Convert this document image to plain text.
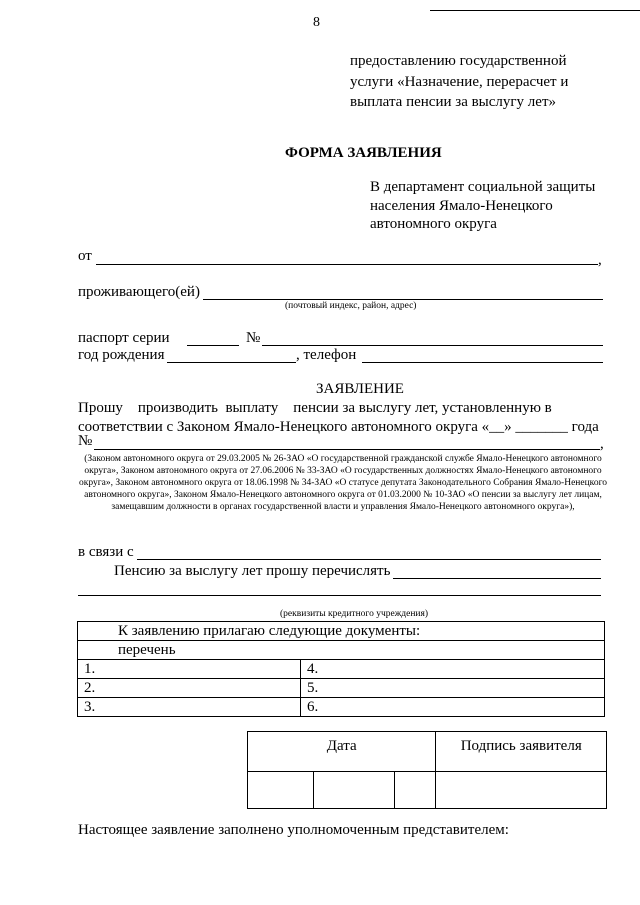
8
предоставлению государственной
услуги «Назначение, перерасчет и
выплата пенсии за выслугу лет»
ФОРМА ЗАЯВЛЕНИЯ
В департамент социальной защиты
населения Ямало-Ненецкого
автономного округа
от	,
проживающего(ей)
(почтовый индекс, район, адрес)
паспорт серии	№
год рождения	, телефон
ЗАЯВЛЕНИЕ
Прошу    производить  выплату    пенсии за выслугу лет, установленную в
соответствии с Законом Ямало-Ненецкого автономного округа «__» _______ года
№	,
(Законом автономного округа от 29.03.2005 № 26-ЗАО «О государственной гражданской службе Ямало-Ненецкого автономного округа», Законом автономного округа от 27.06.2006 № 33-ЗАО «О государственных должностях Ямало-Ненецкого автономного округа», Законом автономного округа от 18.06.1998 № 34-ЗАО «О статусе депутата Законодательного Собрания Ямало-Ненецкого автономного округа», Законом Ямало-Ненецкого автономного округа от 01.03.2000 № 10-ЗАО «О пенсии за выслугу лет лицам, замещавшим должности в органах государственной власти и управления Ямало-Ненецкого автономного округа»),
в связи с
Пенсию за выслугу лет прошу перечислять
(реквизиты кредитного учреждения)
К заявлению прилагаю следующие документы:	
перечень	
1.	4.
2.	5.
3.	6.
Дата			Подпись заявителя

Настоящее заявление заполнено уполномоченным представителем:
